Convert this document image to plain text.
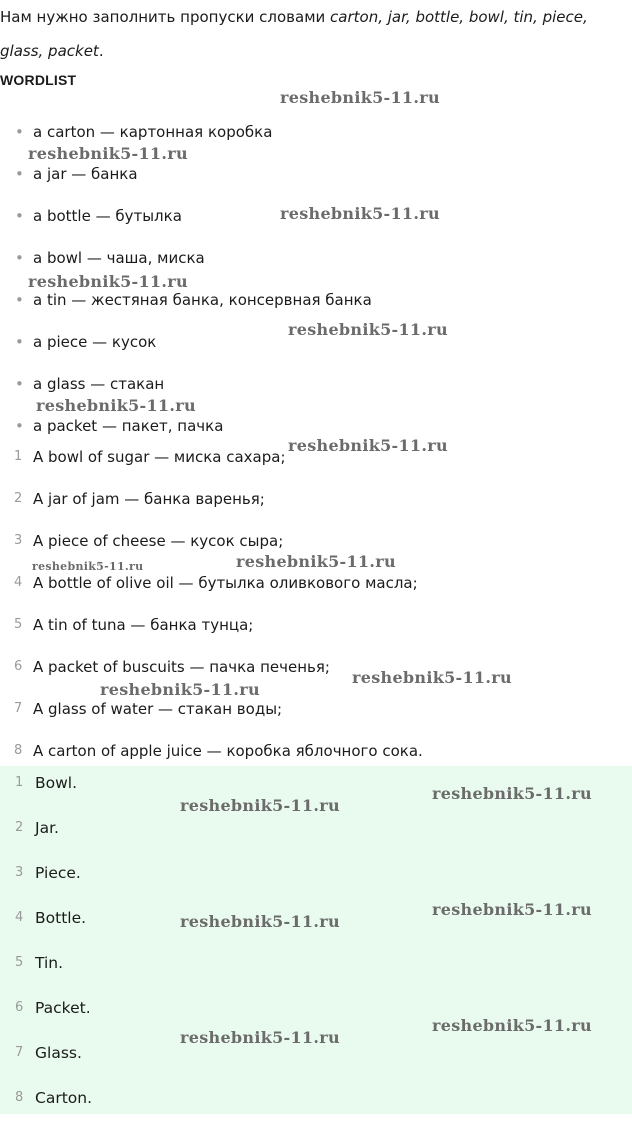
Нам нужно заполнить пропуски словами carton, jar, bottle, bowl, tin, piece,
glass, packet.
WORDLIST
• a carton — картонная коробка
• a jar — банка
• a bottle — бутылка
• a bowl — чаша, миска
• a tin — жестяная банка, консервная банка
• a piece — кусок
• a glass — стакан
• a packet — пакет, пачка
1 A bowl of sugar — миска сахара;
2 A jar of jam — банка варенья;
3 A piece of cheese — кусок сыра;
4 A bottle of olive oil — бутылка оливкового масла;
5 A tin of tuna — банка тунца;
6 A packet of buscuits — пачка печенья;
7 A glass of water — стакан воды;
8 A carton of apple juice — коробка яблочного сока.
1 Bowl.
2 Jar.
3 Piece.
4 Bottle.
5 Tin.
6 Packet.
7 Glass.
8 Carton.
reshebnik5-11.ru
reshebnik5-11.ru
reshebnik5-11.ru
reshebnik5-11.ru
reshebnik5-11.ru
reshebnik5-11.ru
reshebnik5-11.ru
reshebnik5-11.ru	reshebnik5-11.ru
reshebnik5-11.ru
reshebnik5-11.ru
reshebnik5-11.ru
reshebnik5-11.ru
reshebnik5-11.ru
reshebnik5-11.ru
reshebnik5-11.ru
reshebnik5-11.ru
